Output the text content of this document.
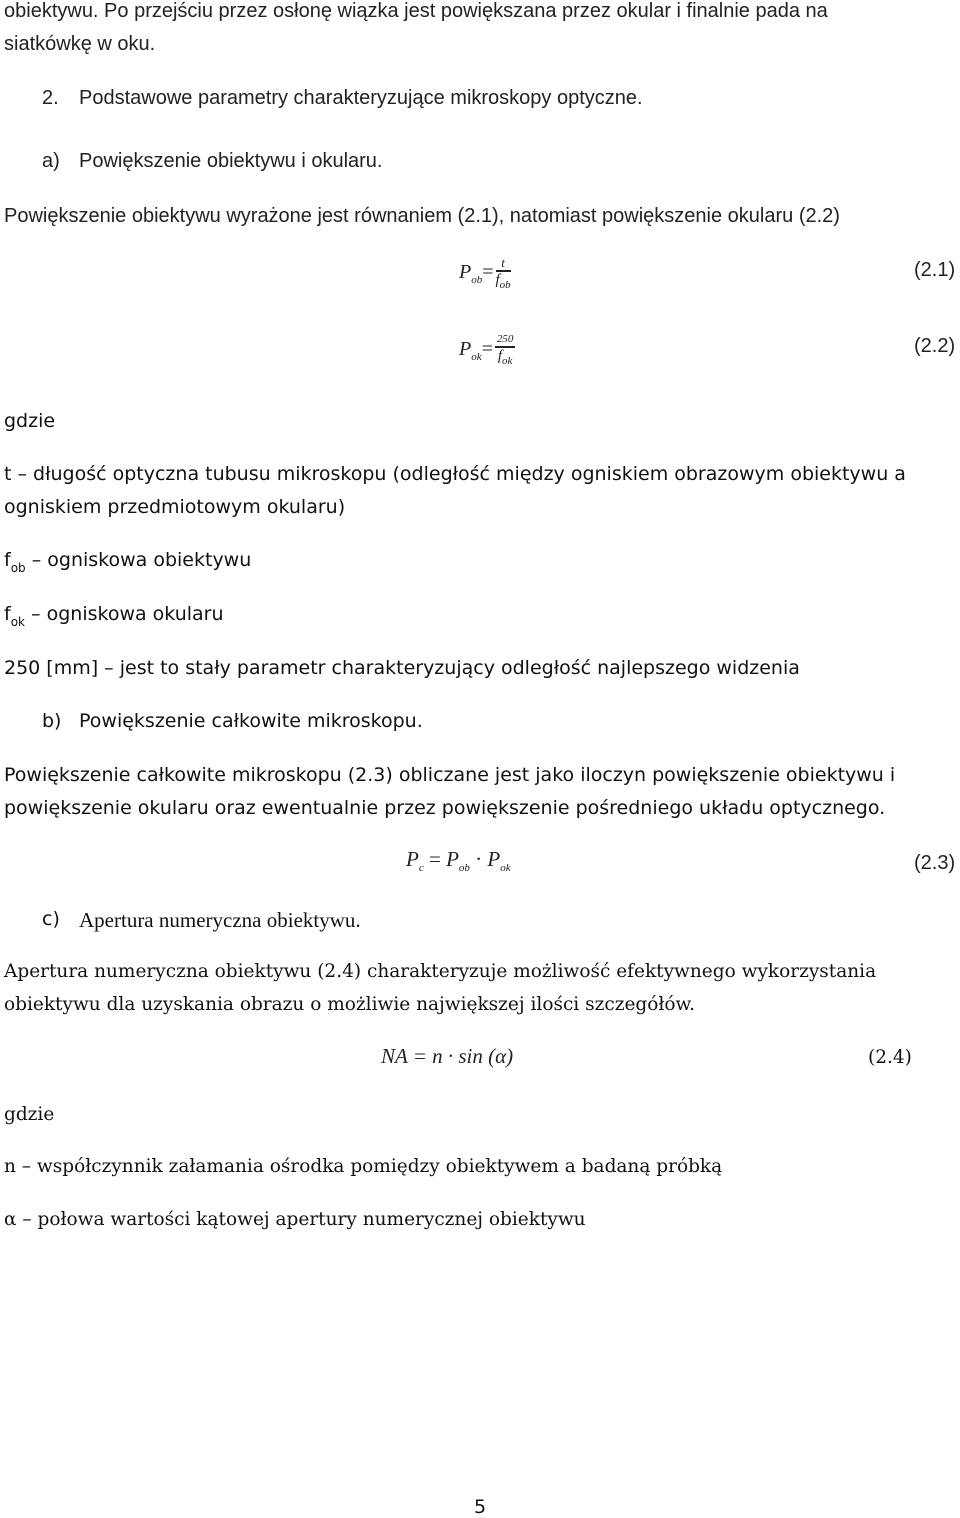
obiektywu. Po przejściu przez osłonę wiązka jest powiększana przez okular i finalnie pada na
siatkówkę w oku.
2. Podstawowe parametry charakteryzujące mikroskopy optyczne.
a) Powiększenie obiektywu i okularu.
Powiększenie obiektywu wyrażone jest równaniem (2.1), natomiast powiększenie okularu (2.2)
$P_{ob}= \frac{t}{f_{ob}}$	(2.1)
$P_{ok}= \frac{250}{f_{ok}}$	(2.2)
gdzie
t – długość optyczna tubusu mikroskopu (odległość między ogniskiem obrazowym obiektywu a
ogniskiem przedmiotowym okularu)
$f_{ob}$ – ogniskowa obiektywu
$f_{ok}$ – ogniskowa okularu
250 [mm] – jest to stały parametr charakteryzujący odległość najlepszego widzenia
b) Powiększenie całkowite mikroskopu.
Powiększenie całkowite mikroskopu (2.3) obliczane jest jako iloczyn powiększenie obiektywu i
powiększenie okularu oraz ewentualnie przez powiększenie pośredniego układu optycznego.
$P_c = P_{ob} \cdot P_{ok}$	(2.3)
c) Apertura numeryczna obiektywu.
Apertura numeryczna obiektywu (2.4) charakteryzuje możliwość efektywnego wykorzystania
obiektywu dla uzyskania obrazu o możliwie największej ilości szczegółów.
NA = n · sin (α)	(2.4)
gdzie
n – współczynnik załamania ośrodka pomiędzy obiektywem a badaną próbką
α – połowa wartości kątowej apertury numerycznej obiektywu
5
